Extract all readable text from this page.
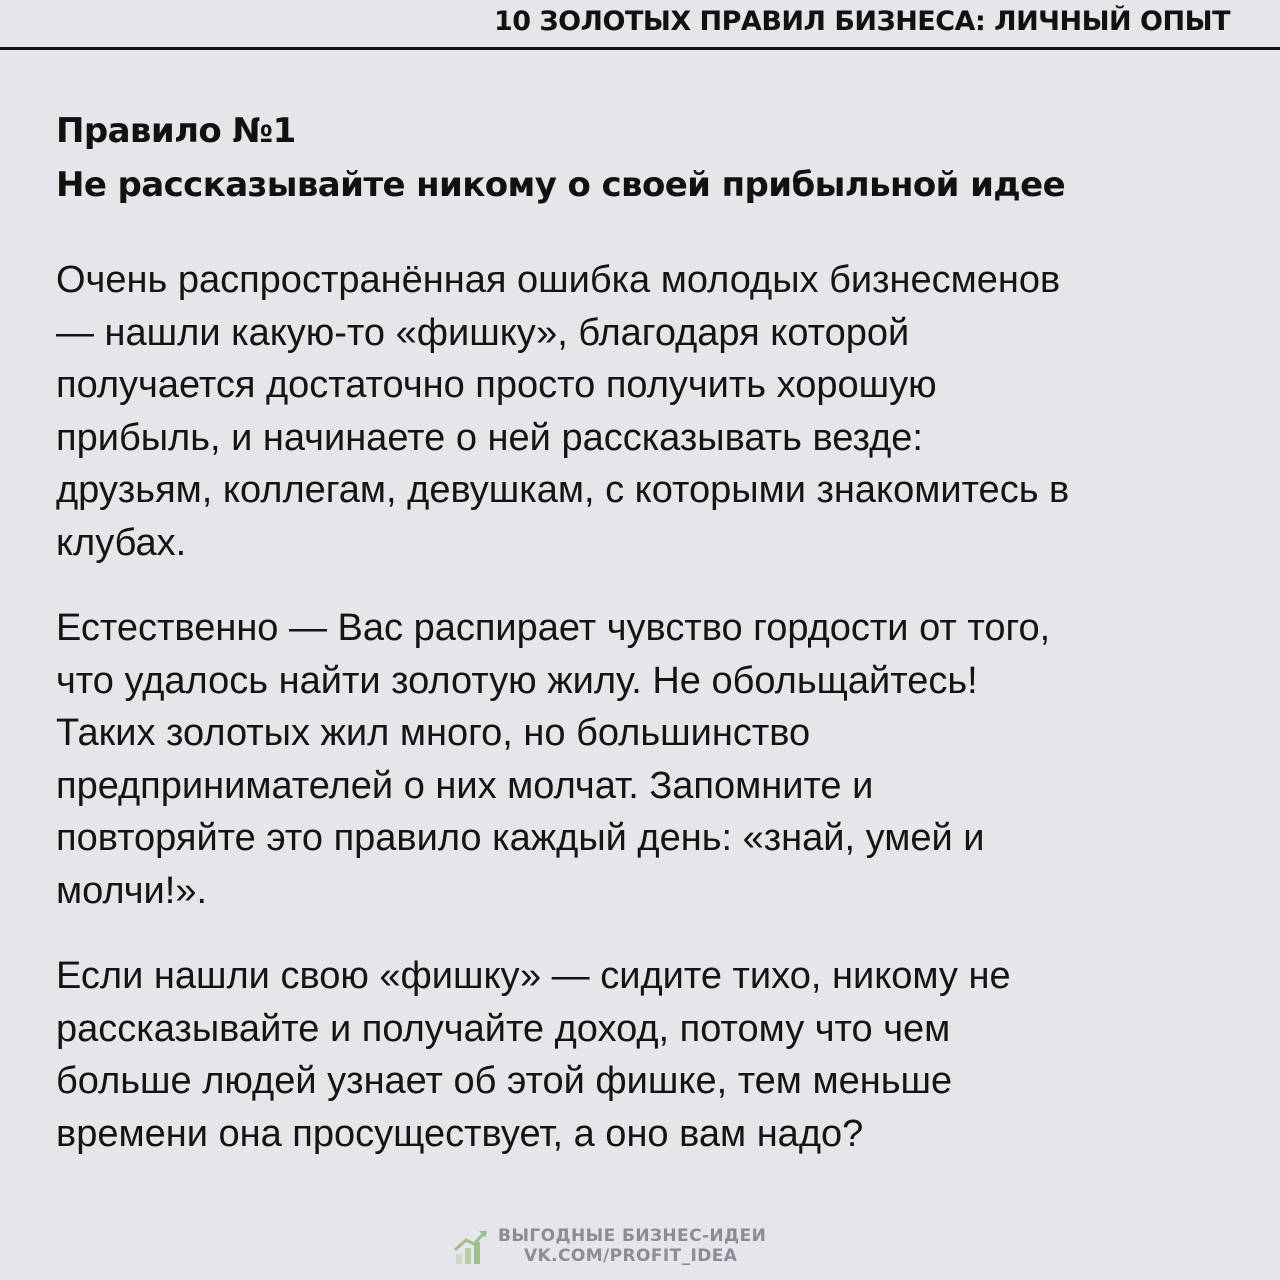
10 ЗОЛОТЫХ ПРАВИЛ БИЗНЕСА: ЛИЧНЫЙ ОПЫТ
Правило №1
Не рассказывайте никому о своей прибыльной идее
Очень распространённая ошибка молодых бизнесменов
— нашли какую-то «фишку», благодаря которой
получается достаточно просто получить хорошую
прибыль, и начинаете о ней рассказывать везде:
друзьям, коллегам, девушкам, с которыми знакомитесь в
клубах.
Естественно — Вас распирает чувство гордости от того,
что удалось найти золотую жилу. Не обольщайтесь!
Таких золотых жил много, но большинство
предпринимателей о них молчат. Запомните и
повторяйте это правило каждый день: «знай, умей и
молчи!».
Если нашли свою «фишку» — сидите тихо, никому не
рассказывайте и получайте доход, потому что чем
больше людей узнает об этой фишке, тем меньше
времени она просуществует, а оно вам надо?
ВЫГОДНЫЕ БИЗНЕС-ИДЕИ
VK.COM/PROFIT_IDEA
